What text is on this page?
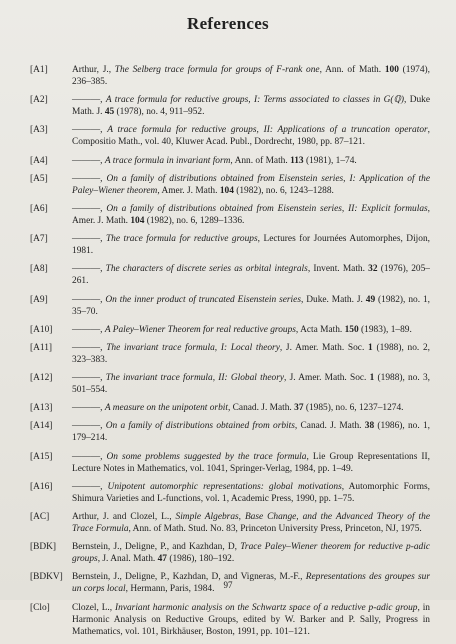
References
[A1]	Arthur, J., The Selberg trace formula for groups of F-rank one, Ann. of Math. 100 (1974), 236–385.
[A2]	———, A trace formula for reductive groups, I: Terms associated to classes in G(ℚ), Duke Math. J. 45 (1978), no. 4, 911–952.
[A3]	———, A trace formula for reductive groups, II: Applications of a truncation operator, Compositio Math., vol. 40, Kluwer Acad. Publ., Dordrecht, 1980, pp. 87–121.
[A4]	———, A trace formula in invariant form, Ann. of Math. 113 (1981), 1–74.
[A5]	———, On a family of distributions obtained from Eisenstein series, I: Application of the Paley–Wiener theorem, Amer. J. Math. 104 (1982), no. 6, 1243–1288.
[A6]	———, On a family of distributions obtained from Eisenstein series, II: Explicit formulas, Amer. J. Math. 104 (1982), no. 6, 1289–1336.
[A7]	———, The trace formula for reductive groups, Lectures for Journées Automorphes, Dijon, 1981.
[A8]	———, The characters of discrete series as orbital integrals, Invent. Math. 32 (1976), 205–261.
[A9]	———, On the inner product of truncated Eisenstein series, Duke. Math. J. 49 (1982), no. 1, 35–70.
[A10]	———, A Paley–Wiener Theorem for real reductive groups, Acta Math. 150 (1983), 1–89.
[A11]	———, The invariant trace formula, I: Local theory, J. Amer. Math. Soc. 1 (1988), no. 2, 323–383.
[A12]	———, The invariant trace formula, II: Global theory, J. Amer. Math. Soc. 1 (1988), no. 3, 501–554.
[A13]	———, A measure on the unipotent orbit, Canad. J. Math. 37 (1985), no. 6, 1237–1274.
[A14]	———, On a family of distributions obtained from orbits, Canad. J. Math. 38 (1986), no. 1, 179–214.
[A15]	———, On some problems suggested by the trace formula, Lie Group Representations II, Lecture Notes in Mathematics, vol. 1041, Springer-Verlag, 1984, pp. 1–49.
[A16]	———, Unipotent automorphic representations: global motivations, Automorphic Forms, Shimura Varieties and L-functions, vol. 1, Academic Press, 1990, pp. 1–75.
[AC]	Arthur, J. and Clozel, L., Simple Algebras, Base Change, and the Advanced Theory of the Trace Formula, Ann. of Math. Stud. No. 83, Princeton University Press, Princeton, NJ, 1975.
[BDK]	Bernstein, J., Deligne, P., and Kazhdan, D, Trace Paley–Wiener theorem for reductive p-adic groups, J. Anal. Math. 47 (1986), 180–192.
[BDKV] Bernstein, J., Deligne, P., Kazhdan, D, and Vigneras, M.-F., Representations des groupes sur un corps local, Hermann, Paris, 1984.
[Clo]	Clozel, L., Invariant harmonic analysis on the Schwartz space of a reductive p-adic group, in Harmonic Analysis on Reductive Groups, edited by W. Barker and P. Sally, Progress in Mathematics, vol. 101, Birkhäuser, Boston, 1991, pp. 101–121.
97
